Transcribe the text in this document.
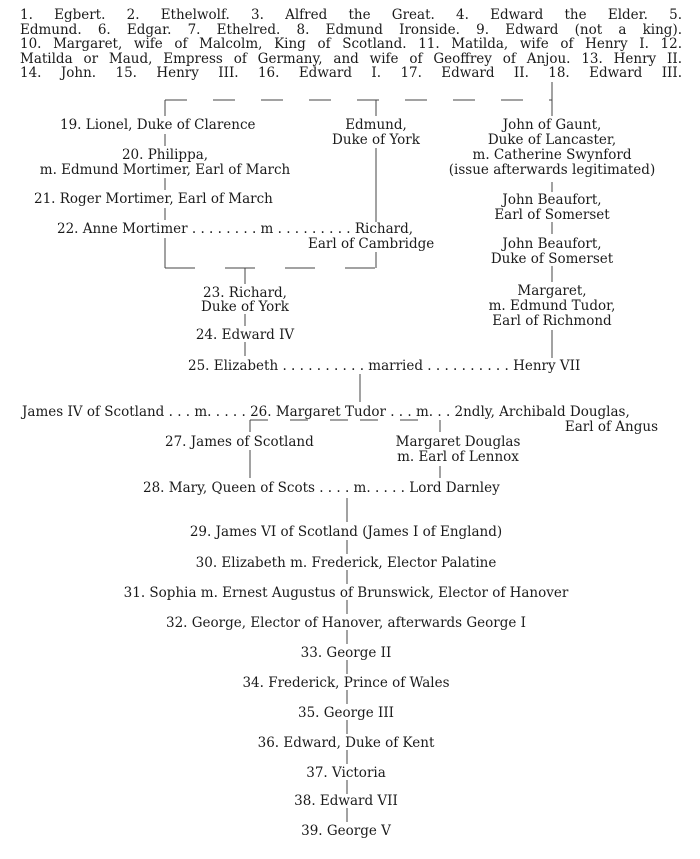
1. Egbert. 2. Ethelwolf. 3. Alfred the Great. 4. Edward the Elder. 5.
Edmund. 6. Edgar. 7. Ethelred. 8. Edmund Ironside. 9. Edward (not a king).
10. Margaret, wife of Malcolm, King of Scotland. 11. Matilda, wife of Henry I. 12.
Matilda or Maud, Empress of Germany, and wife of Geoffrey of Anjou. 13. Henry II.
14. John. 15. Henry III. 16. Edward I. 17. Edward II. 18. Edward III.
19. Lionel, Duke of Clarence	Edmund,
Duke of York
John of Gaunt,
Duke of Lancaster,
m. Catherine Swynford
(issue afterwards legitimated)
20. Philippa,
m. Edmund Mortimer, Earl of March
21. Roger Mortimer, Earl of March
22. Anne Mortimer . . . . . . . . m . . . . . . . . . Richard,
Earl of Cambridge
John Beaufort,
Earl of Somerset
John Beaufort,
Duke of Somerset
Margaret,
m. Edmund Tudor,
Earl of Richmond
23. Richard,
Duke of York
24. Edward IV
25. Elizabeth . . . . . . . . . . married . . . . . . . . . . Henry VII
James IV of Scotland . . . m. . . . . 26. Margaret Tudor . . . m. . . 2ndly, Archibald Douglas,
Earl of Angus
27. James of Scotland	Margaret Douglas
m. Earl of Lennox
28. Mary, Queen of Scots . . . . m. . . . . Lord Darnley
29. James VI of Scotland (James I of England)
30. Elizabeth m. Frederick, Elector Palatine
31. Sophia m. Ernest Augustus of Brunswick, Elector of Hanover
32. George, Elector of Hanover, afterwards George I
33. George II
34. Frederick, Prince of Wales
35. George III
36. Edward, Duke of Kent
37. Victoria
38. Edward VII
39. George V
